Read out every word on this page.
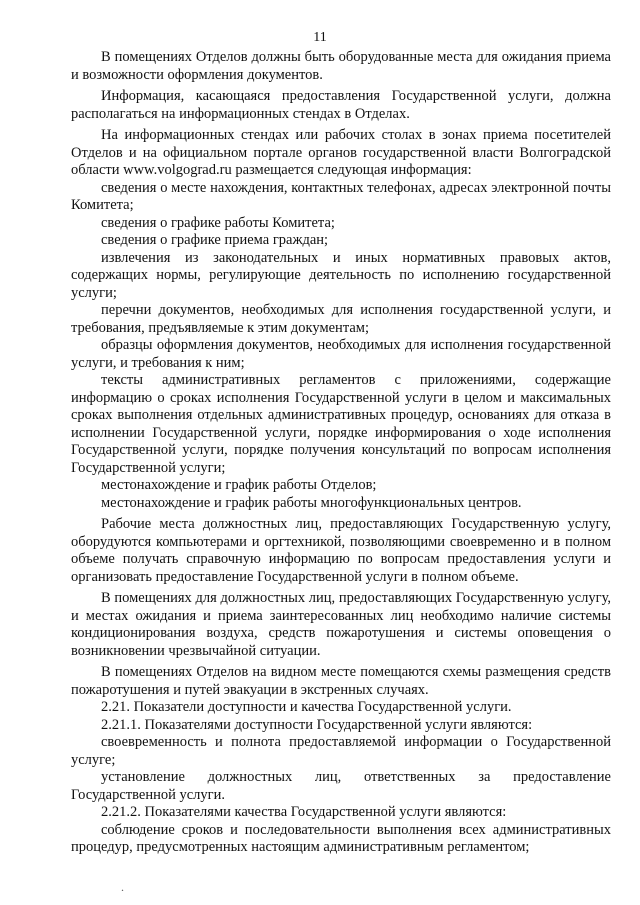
11

В помещениях Отделов должны быть оборудованные места для ожидания приема и возможности оформления документов.

Информация, касающаяся предоставления Государственной услуги, должна располагаться на информационных стендах в Отделах.

На информационных стендах или рабочих столах в зонах приема посетителей Отделов и на официальном портале органов государственной власти Волгоградской области www.volgograd.ru размещается следующая информация:

сведения о месте нахождения, контактных телефонах, адресах электронной почты Комитета;

сведения о графике работы Комитета;

сведения о графике приема граждан;

извлечения из законодательных и иных нормативных правовых актов, содержащих нормы, регулирующие деятельность по исполнению государственной услуги;

перечни документов, необходимых для исполнения государственной услуги, и требования, предъявляемые к этим документам;

образцы оформления документов, необходимых для исполнения государственной услуги, и требования к ним;

тексты административных регламентов с приложениями, содержащие информацию о сроках исполнения Государственной услуги в целом и максимальных сроках выполнения отдельных административных процедур, основаниях для отказа в исполнении Государственной услуги, порядке информирования о ходе исполнения Государственной услуги, порядке получения консультаций по вопросам исполнения Государственной услуги;

местонахождение и график работы Отделов;

местонахождение и график работы многофункциональных центров.

Рабочие места должностных лиц, предоставляющих Государственную услугу, оборудуются компьютерами и оргтехникой, позволяющими своевременно и в полном объеме получать справочную информацию по вопросам предоставления услуги и организовать предоставление Государственной услуги в полном объеме.

В помещениях для должностных лиц, предоставляющих Государственную услугу, и местах ожидания и приема заинтересованных лиц необходимо наличие системы кондиционирования воздуха, средств пожаротушения и системы оповещения о возникновении чрезвычайной ситуации.

В помещениях Отделов на видном месте помещаются схемы размещения средств пожаротушения и путей эвакуации в экстренных случаях.

2.21. Показатели доступности и качества Государственной услуги.

2.21.1. Показателями доступности Государственной услуги являются:

своевременность и полнота предоставляемой информации о Государственной услуге;

установление должностных лиц, ответственных за предоставление Государственной услуги.

2.21.2. Показателями качества Государственной услуги являются:

соблюдение сроков и последовательности выполнения всех административных процедур, предусмотренных настоящим административным регламентом;

.
